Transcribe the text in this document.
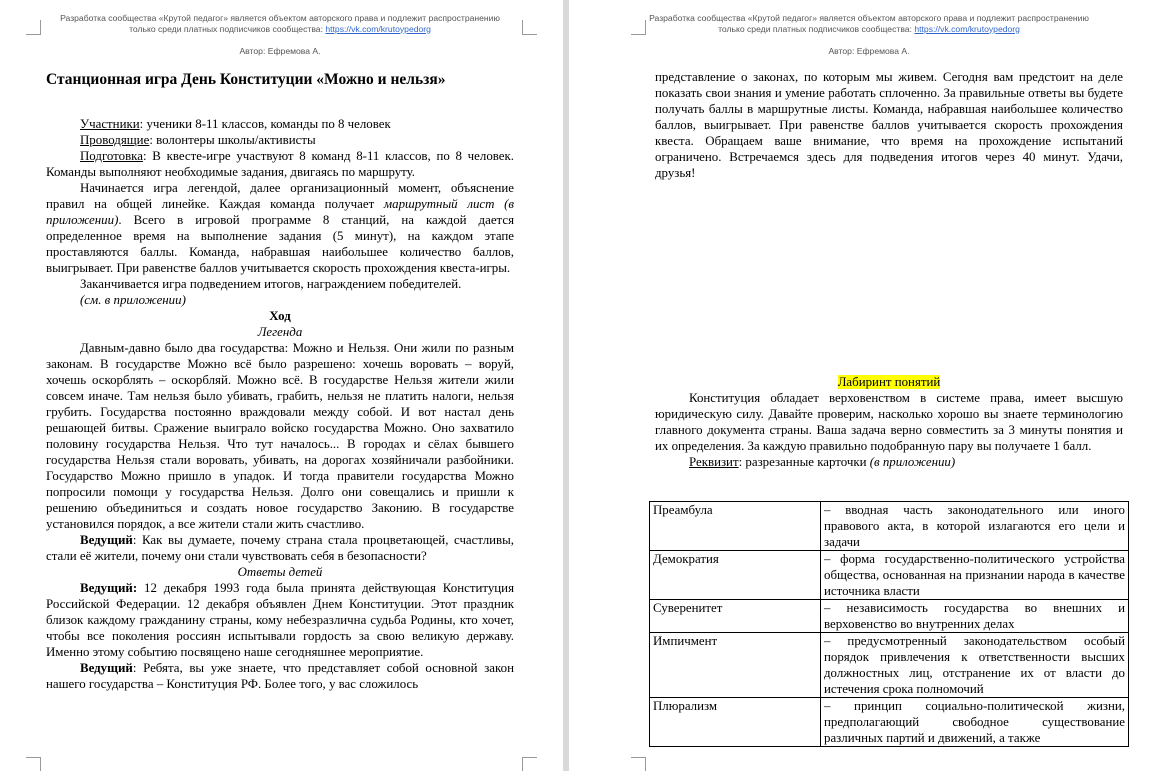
Разработка сообщества «Крутой педагог» является объектом авторского права и подлежит распространению
только среди платных подписчиков сообщества: https://vk.com/krutoypedorg
Автор: Ефремова А.

Станционная игра День Конституции «Можно и нельзя»

Участники: ученики 8-11 классов, команды по 8 человек

Проводящие: волонтеры школы/активисты

Подготовка: В квесте-игре участвуют 8 команд 8-11 классов, по 8 человек. Команды выполняют необходимые задания, двигаясь по маршруту.

Начинается игра легендой, далее организационный момент, объяснение правил на общей линейке. Каждая команда получает маршрутный лист (в приложении). Всего в игровой программе 8 станций, на каждой дается определенное время на выполнение задания (5 минут), на каждом этапе проставляются баллы. Команда, набравшая наибольшее количество баллов, выигрывает. При равенстве баллов учитывается скорость прохождения квеста-игры.

Заканчивается игра подведением итогов, награждением победителей.

(см. в приложении)

Ход

Легенда

Давным-давно было два государства: Можно и Нельзя. Они жили по разным законам. В государстве Можно всё было разрешено: хочешь воровать – воруй, хочешь оскорблять – оскорбляй. Можно всё. В государстве Нельзя жители жили совсем иначе. Там нельзя было убивать, грабить, нельзя не платить налоги, нельзя грубить. Государства постоянно враждовали между собой. И вот настал день решающей битвы. Сражение выиграло войско государства Можно. Оно захватило половину государства Нельзя. Что тут началось... В городах и сёлах бывшего государства Нельзя стали воровать, убивать, на дорогах хозяйничали разбойники. Государство Можно пришло в упадок. И тогда правители государства Можно попросили помощи у государства Нельзя. Долго они совещались и пришли к решению объединиться и создать новое государство Законию. В государстве установился порядок, а все жители стали жить счастливо.

Ведущий: Как вы думаете, почему страна стала процветающей, счастливы, стали её жители, почему они стали чувствовать себя в безопасности?

Ответы детей

Ведущий: 12 декабря 1993 года была принята действующая Конституция Российской Федерации. 12 декабря объявлен Днем Конституции. Этот праздник близок каждому гражданину страны, кому небезразлична судьба Родины, кто хочет, чтобы все поколения россиян испытывали гордость за свою великую державу. Именно этому событию посвящено наше сегодняшнее мероприятие.

Ведущий: Ребята, вы уже знаете, что представляет собой основной закон нашего государства – Конституция РФ. Более того, у вас сложилось

Разработка сообщества «Крутой педагог» является объектом авторского права и подлежит распространению
только среди платных подписчиков сообщества: https://vk.com/krutoypedorg
Автор: Ефремова А.

представление о законах, по которым мы живем. Сегодня вам предстоит на деле показать свои знания и умение работать сплоченно. За правильные ответы вы будете получать баллы в маршрутные листы. Команда, набравшая наибольшее количество баллов, выигрывает. При равенстве баллов учитывается скорость прохождения квеста. Обращаем ваше внимание, что время на прохождение испытаний ограничено. Встречаемся здесь для подведения итогов через 40 минут. Удачи, друзья!

Лабиринт понятий

Конституция обладает верховенством в системе права, имеет высшую юридическую силу. Давайте проверим, насколько хорошо вы знаете терминологию главного документа страны. Ваша задача верно совместить за 3 минуты понятия и их определения. За каждую правильно подобранную пару вы получаете 1 балл.

Реквизит: разрезанные карточки (в приложении)

Преамбула	– вводная часть законодательного или иного правового акта, в которой излагаются его цели и задачи
Демократия	– форма государственно-политического устройства общества, основанная на признании народа в качестве источника власти
Суверенитет	– независимость государства во внешних и верховенство во внутренних делах
Импичмент	– предусмотренный законодательством особый порядок привлечения к ответственности высших должностных лиц, отстранение их от власти до истечения срока полномочий
Плюрализм	– принцип социально-политической жизни, предполагающий свободное существование различных партий и движений, а также
